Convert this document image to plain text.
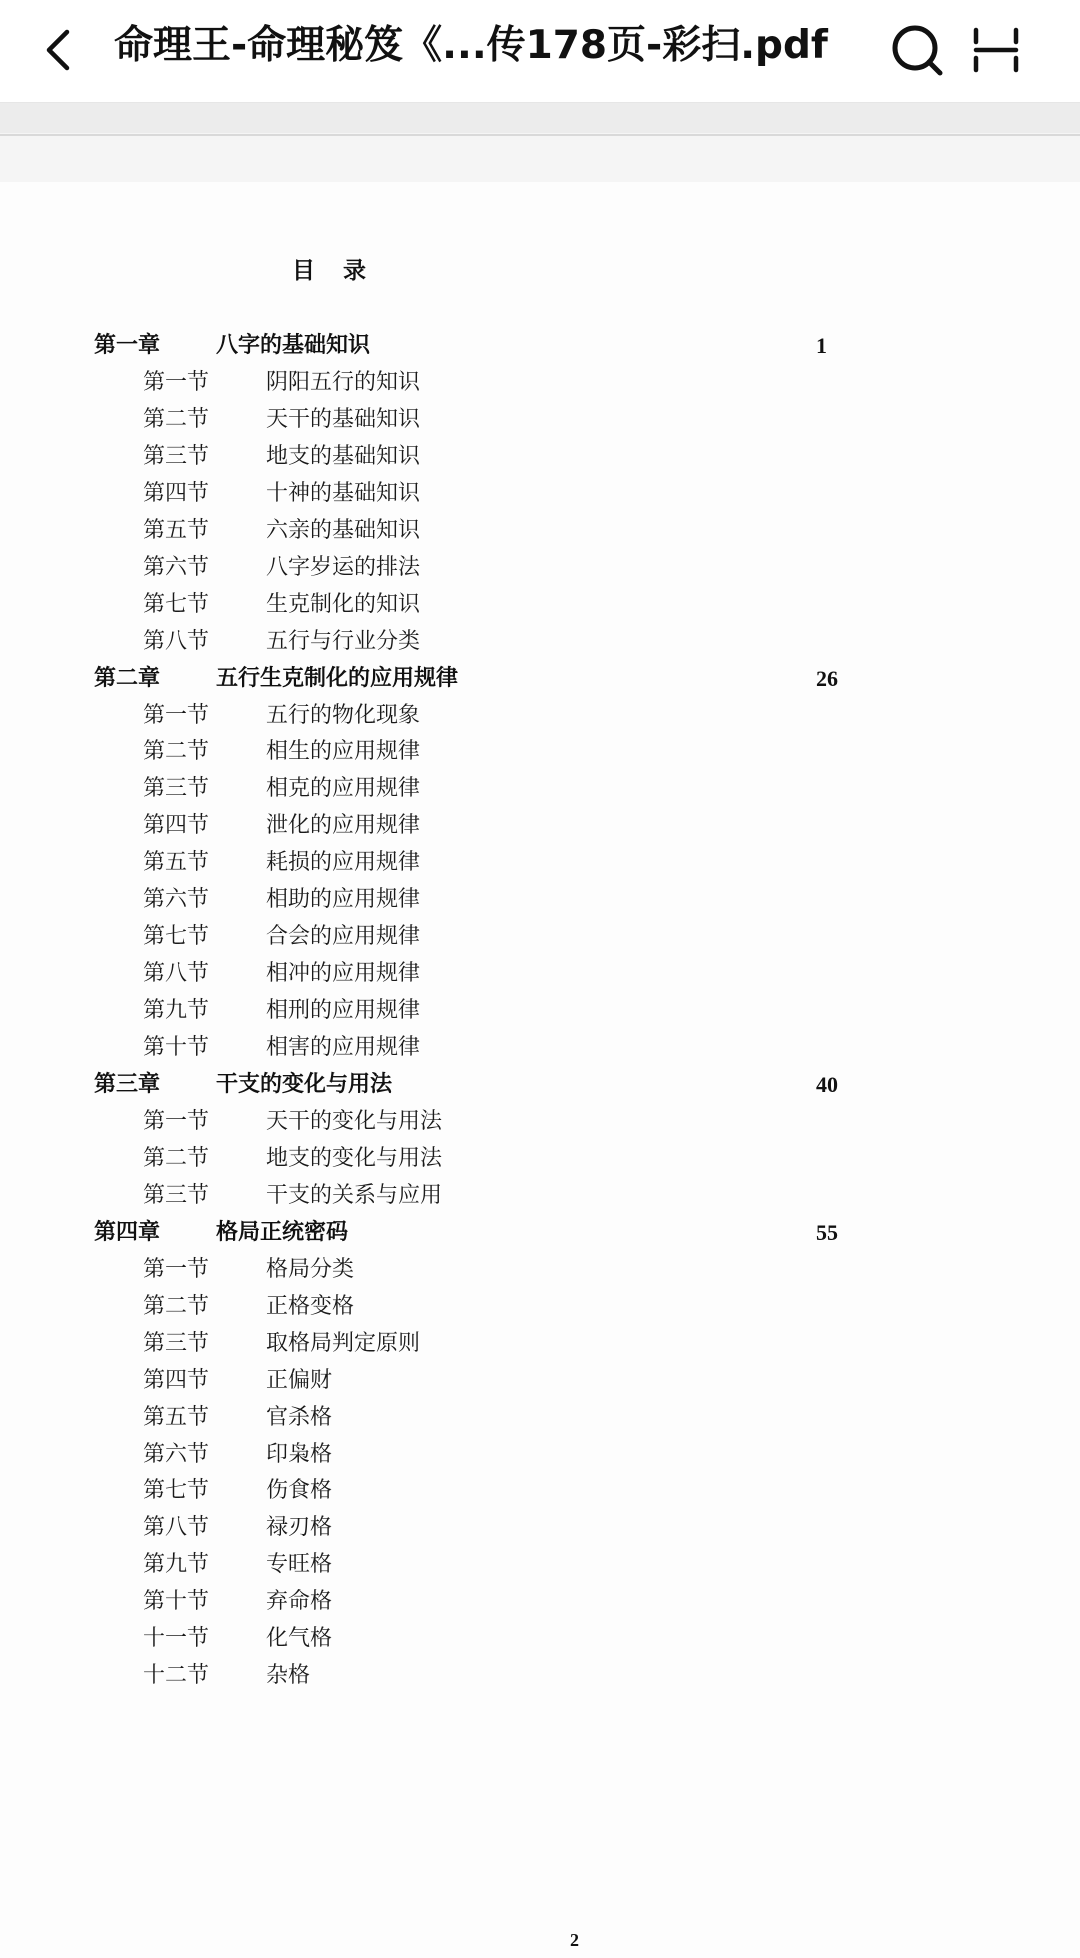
命理王-命理秘笈《...传178页-彩扫.pdf
目 录
第一章	八字的基础知识	1
第一节	阴阳五行的知识
第二节	天干的基础知识
第三节	地支的基础知识
第四节	十神的基础知识
第五节	六亲的基础知识
第六节	八字岁运的排法
第七节	生克制化的知识
第八节	五行与行业分类
第二章	五行生克制化的应用规律	26
第一节	五行的物化现象
第二节	相生的应用规律
第三节	相克的应用规律
第四节	泄化的应用规律
第五节	耗损的应用规律
第六节	相助的应用规律
第七节	合会的应用规律
第八节	相冲的应用规律
第九节	相刑的应用规律
第十节	相害的应用规律
第三章	干支的变化与用法	40
第一节	天干的变化与用法
第二节	地支的变化与用法
第三节	干支的关系与应用
第四章	格局正统密码	55
第一节	格局分类
第二节	正格变格
第三节	取格局判定原则
第四节	正偏财
第五节	官杀格
第六节	印枭格
第七节	伤食格
第八节	禄刃格
第九节	专旺格
第十节	弃命格
十一节	化气格
十二节	杂格
2
